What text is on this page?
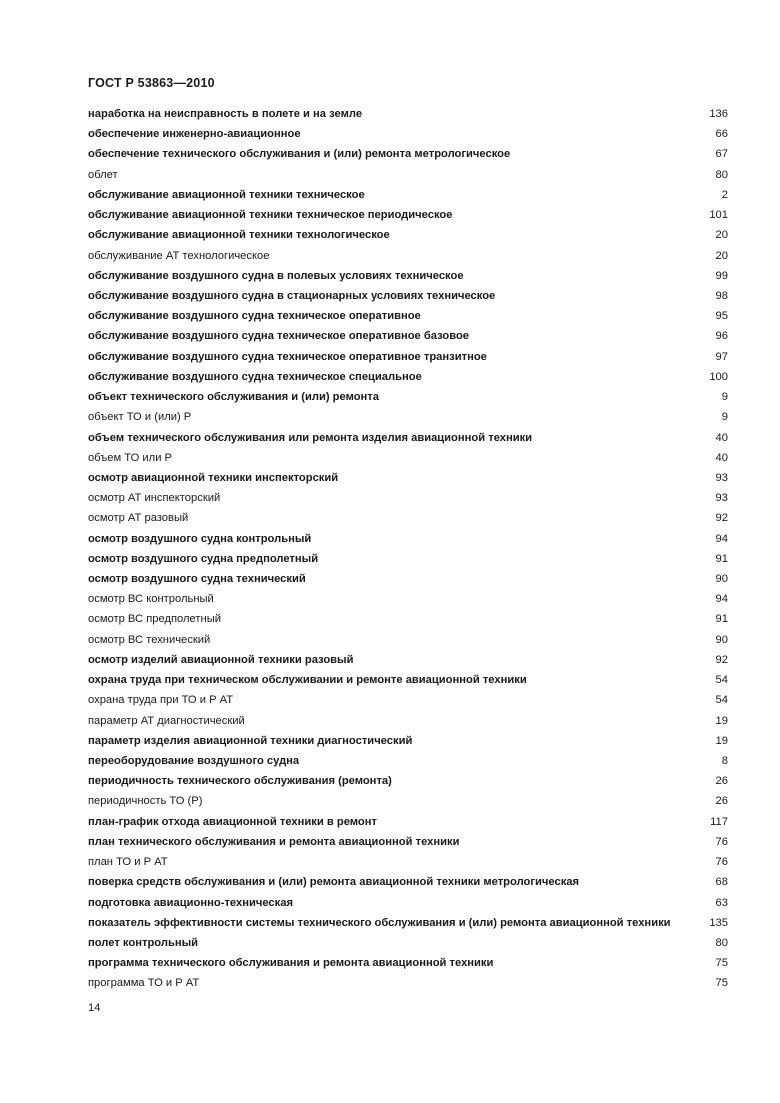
ГОСТ Р 53863—2010
наработка на неисправность в полете и на земле	136
обеспечение инженерно-авиационное	66
обеспечение технического обслуживания и (или) ремонта метрологическое	67
облет	80
обслуживание авиационной техники техническое	2
обслуживание авиационной техники техническое периодическое	101
обслуживание авиационной техники технологическое	20
обслуживание АТ технологическое	20
обслуживание воздушного судна в полевых условиях техническое	99
обслуживание воздушного судна в стационарных условиях техническое	98
обслуживание воздушного судна техническое оперативное	95
обслуживание воздушного судна техническое оперативное базовое	96
обслуживание воздушного судна техническое оперативное транзитное	97
обслуживание воздушного судна техническое специальное	100
объект технического обслуживания и (или) ремонта	9
объект ТО и (или) Р	9
объем технического обслуживания или ремонта изделия авиационной техники	40
объем ТО или Р	40
осмотр авиационной техники инспекторский	93
осмотр АТ инспекторский	93
осмотр АТ разовый	92
осмотр воздушного судна контрольный	94
осмотр воздушного судна предполетный	91
осмотр воздушного судна технический	90
осмотр ВС контрольный	94
осмотр ВС предполетный	91
осмотр ВС технический	90
осмотр изделий авиационной техники разовый	92
охрана труда при техническом обслуживании и ремонте авиационной техники	54
охрана труда при ТО и Р АТ	54
параметр АТ диагностический	19
параметр изделия авиационной техники диагностический	19
переоборудование воздушного судна	8
периодичность технического обслуживания (ремонта)	26
периодичность ТО (Р)	26
план-график отхода авиационной техники в ремонт	117
план технического обслуживания и ремонта авиационной техники	76
план ТО и Р АТ	76
поверка средств обслуживания и (или) ремонта авиационной техники метрологическая	68
подготовка авиационно-техническая	63
показатель эффективности системы технического обслуживания и (или) ремонта авиационной техники	135
полет контрольный	80
программа технического обслуживания и ремонта авиационной техники	75
программа ТО и Р АТ	75
14
